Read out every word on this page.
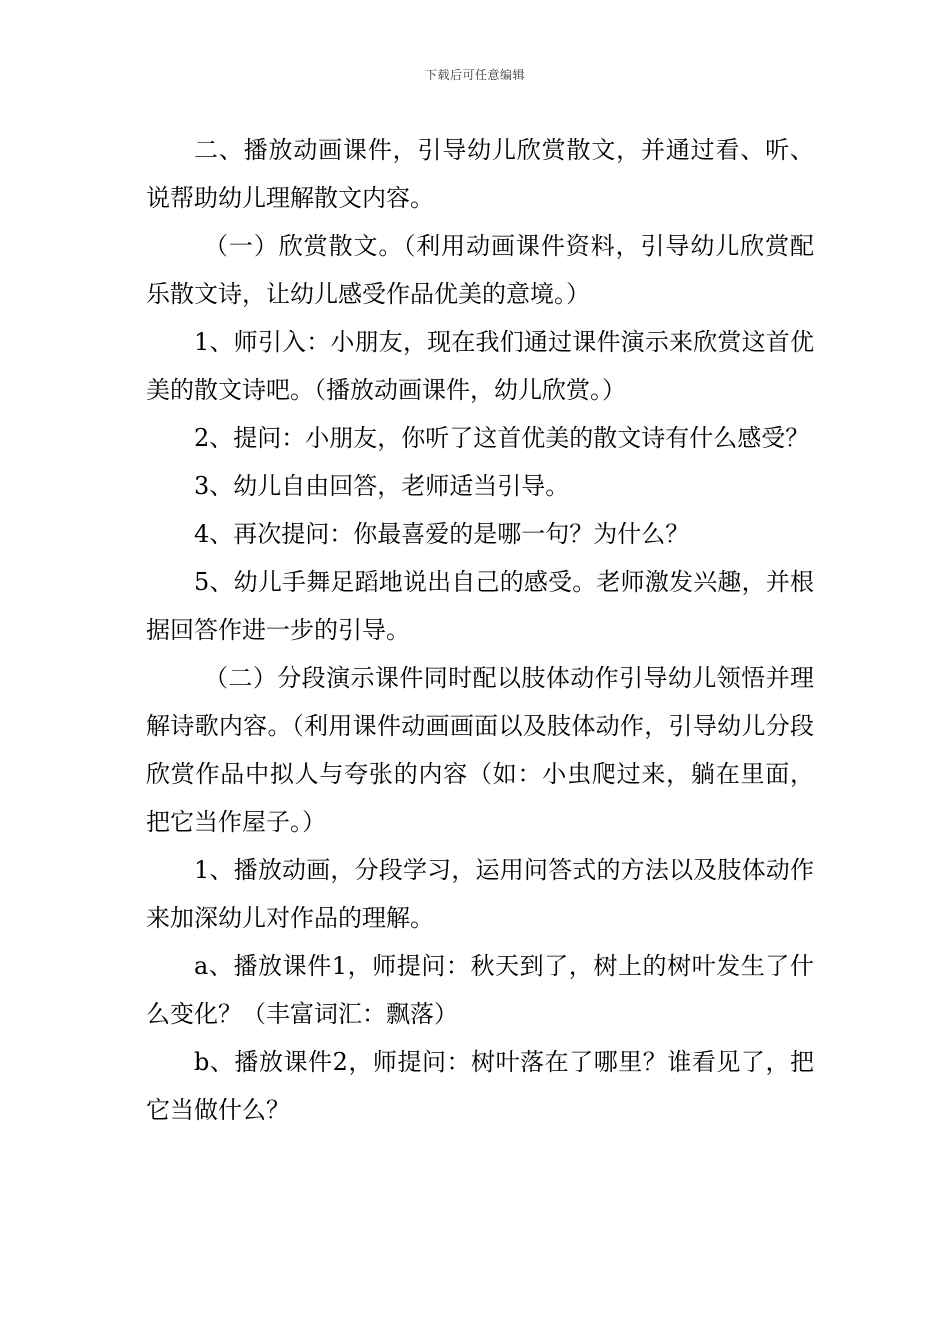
下载后可任意编辑

二、播放动画课件，引导幼儿欣赏散文，并通过看、听、说帮助幼儿理解散文内容。

（一）欣赏散文。（利用动画课件资料，引导幼儿欣赏配乐散文诗，让幼儿感受作品优美的意境。）

1、师引入：小朋友，现在我们通过课件演示来欣赏这首优美的散文诗吧。（播放动画课件，幼儿欣赏。）

2、提问：小朋友，你听了这首优美的散文诗有什么感受？

3、幼儿自由回答，老师适当引导。

4、再次提问：你最喜爱的是哪一句？为什么？

5、幼儿手舞足蹈地说出自己的感受。老师激发兴趣，并根据回答作进一步的引导。

（二）分段演示课件同时配以肢体动作引导幼儿领悟并理解诗歌内容。（利用课件动画画面以及肢体动作，引导幼儿分段欣赏作品中拟人与夸张的内容（如：小虫爬过来，躺在里面，把它当作屋子。）

1、播放动画，分段学习，运用问答式的方法以及肢体动作来加深幼儿对作品的理解。

a、播放课件1，师提问：秋天到了，树上的树叶发生了什么变化？（丰富词汇：飘落）

b、播放课件2，师提问：树叶落在了哪里？谁看见了，把它当做什么？
